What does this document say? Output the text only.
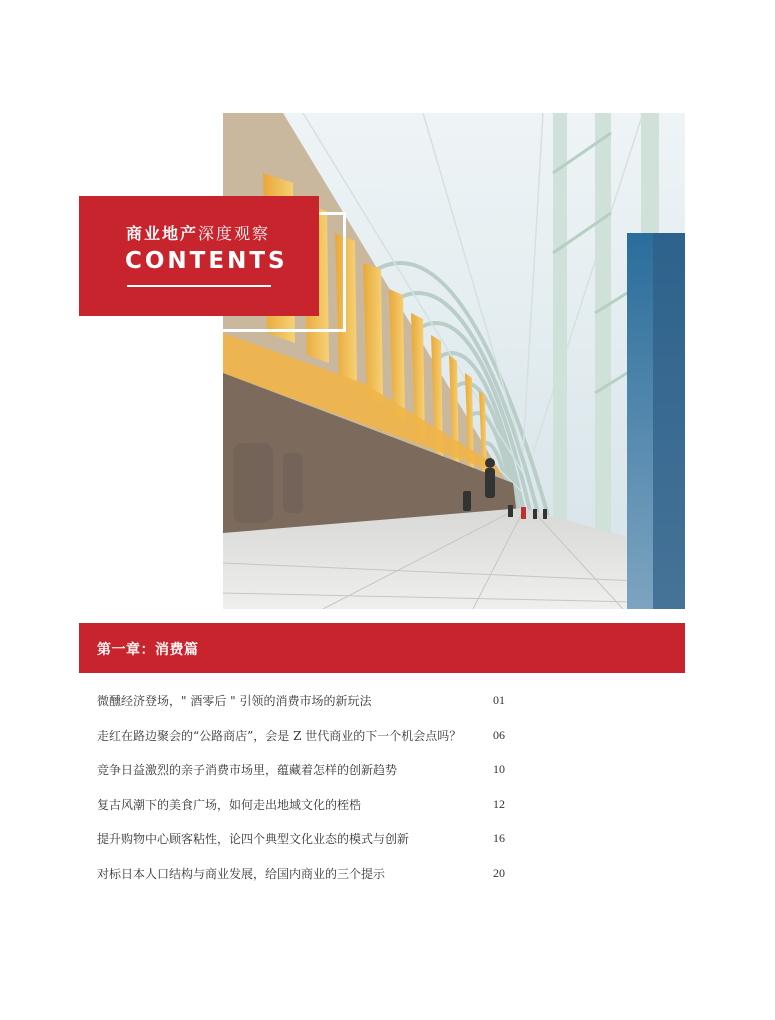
商业地产深度观察
CONTENTS
第一章：消费篇
微醺经济登场，" 酒零后 " 引领的消费市场的新玩法	01
走红在路边聚会的“公路商店”，会是 Z 世代商业的下一个机会点吗？	06
竞争日益激烈的亲子消费市场里，蕴藏着怎样的创新趋势	10
复古风潮下的美食广场，如何走出地域文化的桎梏	12
提升购物中心顾客粘性，论四个典型文化业态的模式与创新	16
对标日本人口结构与商业发展，给国内商业的三个提示	20
